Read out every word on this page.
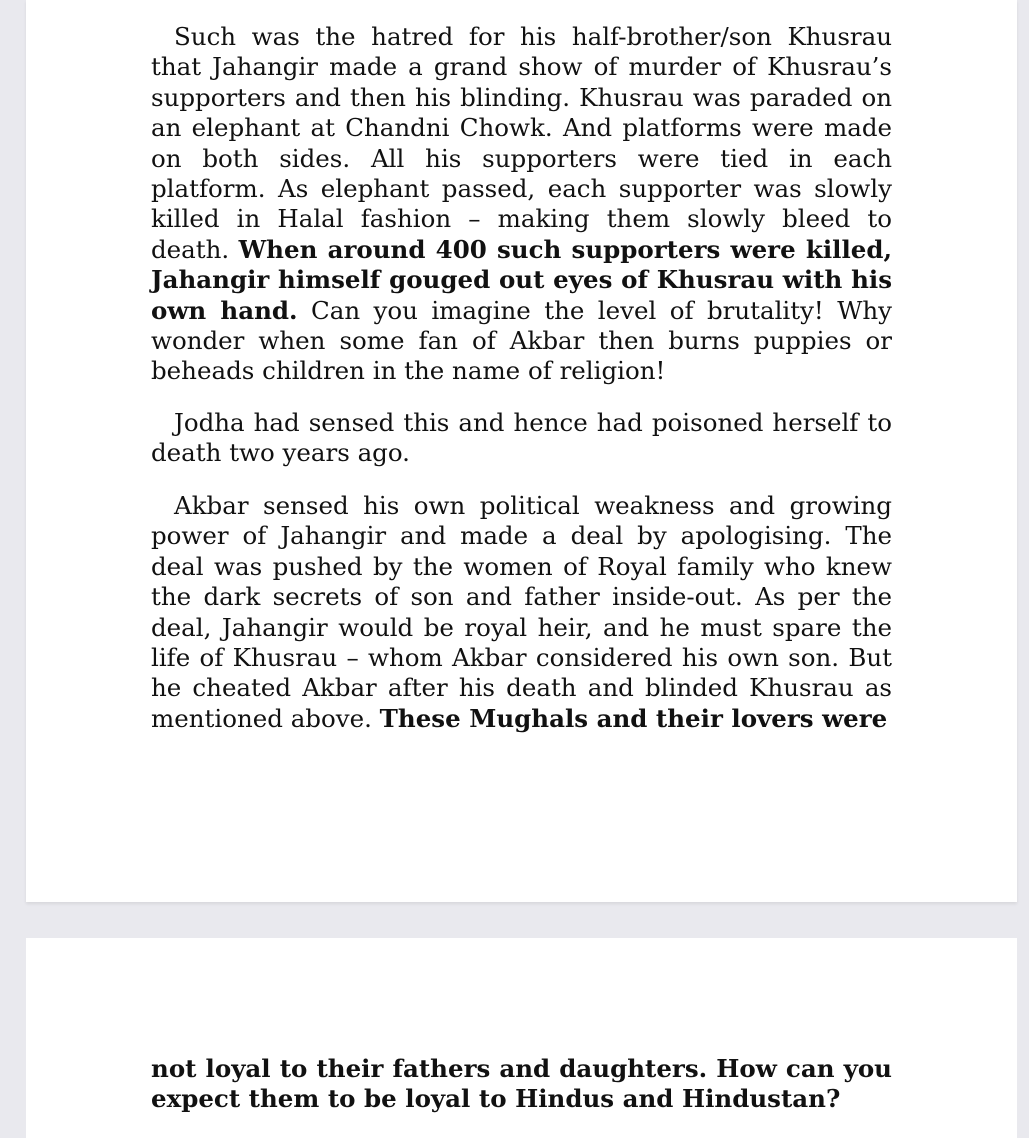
Such was the hatred for his half-brother/son Khusrau that Jahangir made a grand show of murder of Khusrau’s supporters and then his blinding. Khusrau was paraded on an elephant at Chandni Chowk. And platforms were made on both sides. All his supporters were tied in each platform. As elephant passed, each supporter was slowly killed in Halal fashion – making them slowly bleed to death. When around 400 such supporters were killed, Jahangir himself gouged out eyes of Khusrau with his own hand. Can you imagine the level of brutality! Why wonder when some fan of Akbar then burns puppies or beheads children in the name of religion!

Jodha had sensed this and hence had poisoned herself to death two years ago.

Akbar sensed his own political weakness and growing power of Jahangir and made a deal by apologising. The deal was pushed by the women of Royal family who knew the dark secrets of son and father inside-out. As per the deal, Jahangir would be royal heir, and he must spare the life of Khusrau – whom Akbar considered his own son. But he cheated Akbar after his death and blinded Khusrau as mentioned above. These Mughals and their lovers were

not loyal to their fathers and daughters. How can you expect them to be loyal to Hindus and Hindustan?
